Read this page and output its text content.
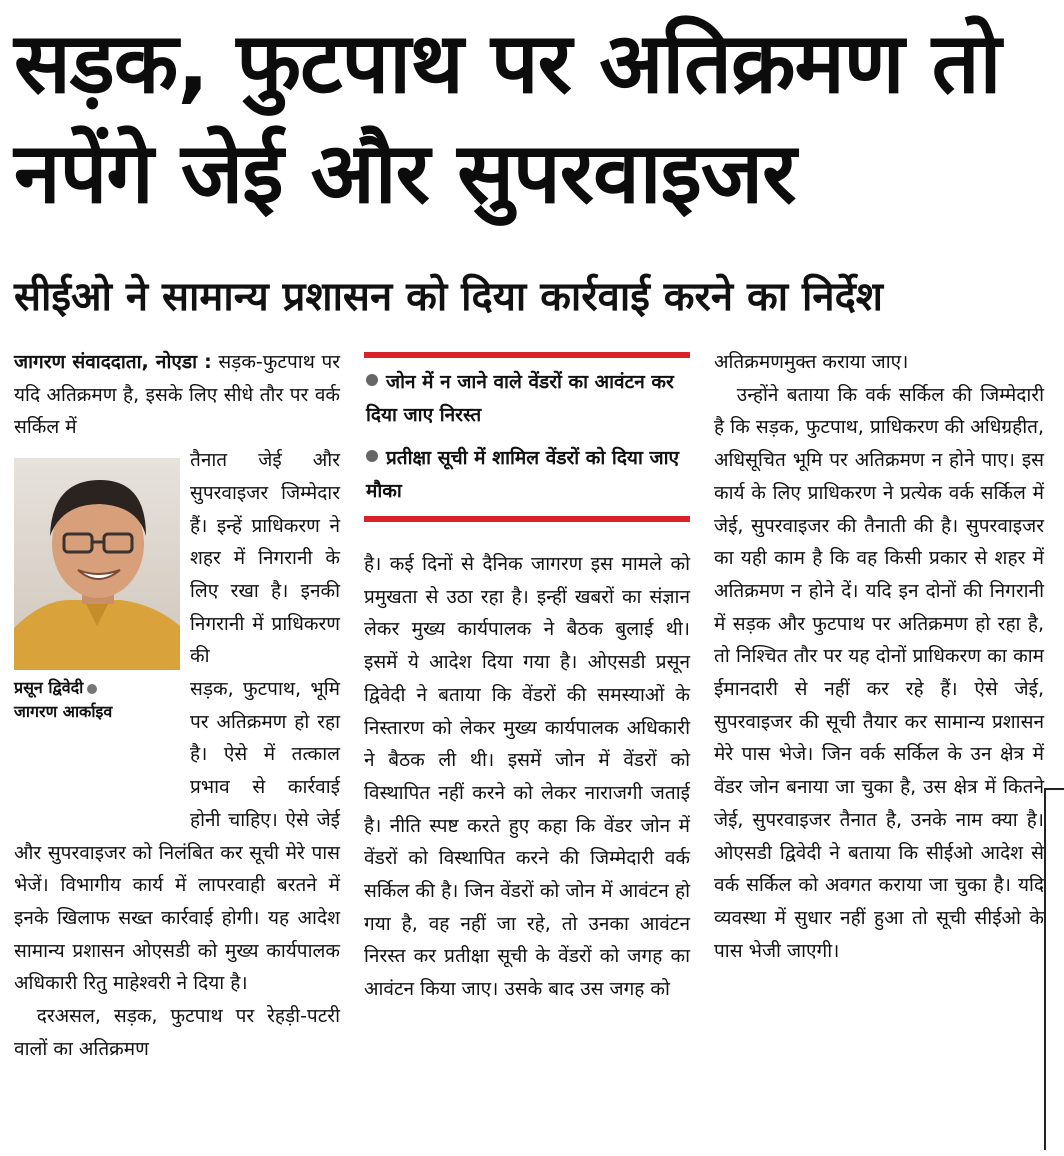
सड़क, फुटपाथ पर अतिक्रमण तो नपेंगे जेई और सुपरवाइजर
सीईओ ने सामान्य प्रशासन को दिया कार्रवाई करने का निर्देश

जागरण संवाददाता, नोएडा : सड़क-फुटपाथ पर यदि अतिक्रमण है, इसके लिए सीधे तौर पर वर्क सर्किल में

प्रसून द्विवेदी
जागरण आर्काइव

तैनात जेई और सुपरवाइजर जिम्मेदार हैं। इन्हें प्राधिकरण ने शहर में निगरानी के लिए रखा है। इनकी निगरानी में प्राधिकरण की

सड़क, फुटपाथ, भूमि पर अतिक्रमण हो रहा है। ऐसे में तत्काल प्रभाव से कार्रवाई होनी चाहिए। ऐसे जेई और सुपरवाइजर को निलंबित कर सूची मेरे पास भेजें। विभागीय कार्य में लापरवाही बरतने में इनके खिलाफ सख्त कार्रवाई होगी। यह आदेश सामान्य प्रशासन ओएसडी को मुख्य कार्यपालक अधिकारी रितु माहेश्वरी ने दिया है।

दरअसल, सड़क, फुटपाथ पर रेहड़ी-पटरी वालों का अतिक्रमण

जोन में न जाने वाले वेंडरों का आवंटन कर दिया जाए निरस्त
प्रतीक्षा सूची में शामिल वेंडरों को दिया जाए मौका

है। कई दिनों से दैनिक जागरण इस मामले को प्रमुखता से उठा रहा है। इन्हीं खबरों का संज्ञान लेकर मुख्य कार्यपालक ने बैठक बुलाई थी। इसमें ये आदेश दिया गया है। ओएसडी प्रसून द्विवेदी ने बताया कि वेंडरों की समस्याओं के निस्तारण को लेकर मुख्य कार्यपालक अधिकारी ने बैठक ली थी। इसमें जोन में वेंडरों को विस्थापित नहीं करने को लेकर नाराजगी जताई है। नीति स्पष्ट करते हुए कहा कि वेंडर जोन में वेंडरों को विस्थापित करने की जिम्मेदारी वर्क सर्किल की है। जिन वेंडरों को जोन में आवंटन हो गया है, वह नहीं जा रहे, तो उनका आवंटन निरस्त कर प्रतीक्षा सूची के वेंडरों को जगह का आवंटन किया जाए। उसके बाद उस जगह को

अतिक्रमणमुक्त कराया जाए।

उन्होंने बताया कि वर्क सर्किल की जिम्मेदारी है कि सड़क, फुटपाथ, प्राधिकरण की अधिग्रहीत, अधिसूचित भूमि पर अतिक्रमण न होने पाए। इस कार्य के लिए प्राधिकरण ने प्रत्येक वर्क सर्किल में जेई, सुपरवाइजर की तैनाती की है। सुपरवाइजर का यही काम है कि वह किसी प्रकार से शहर में अतिक्रमण न होने दें। यदि इन दोनों की निगरानी में सड़क और फुटपाथ पर अतिक्रमण हो रहा है, तो निश्चित तौर पर यह दोनों प्राधिकरण का काम ईमानदारी से नहीं कर रहे हैं। ऐसे जेई, सुपरवाइजर की सूची तैयार कर सामान्य प्रशासन मेरे पास भेजे। जिन वर्क सर्किल के उन क्षेत्र में वेंडर जोन बनाया जा चुका है, उस क्षेत्र में कितने जेई, सुपरवाइजर तैनात है, उनके नाम क्या है। ओएसडी द्विवेदी ने बताया कि सीईओ आदेश से वर्क सर्किल को अवगत कराया जा चुका है। यदि व्यवस्था में सुधार नहीं हुआ तो सूची सीईओ के पास भेजी जाएगी।
